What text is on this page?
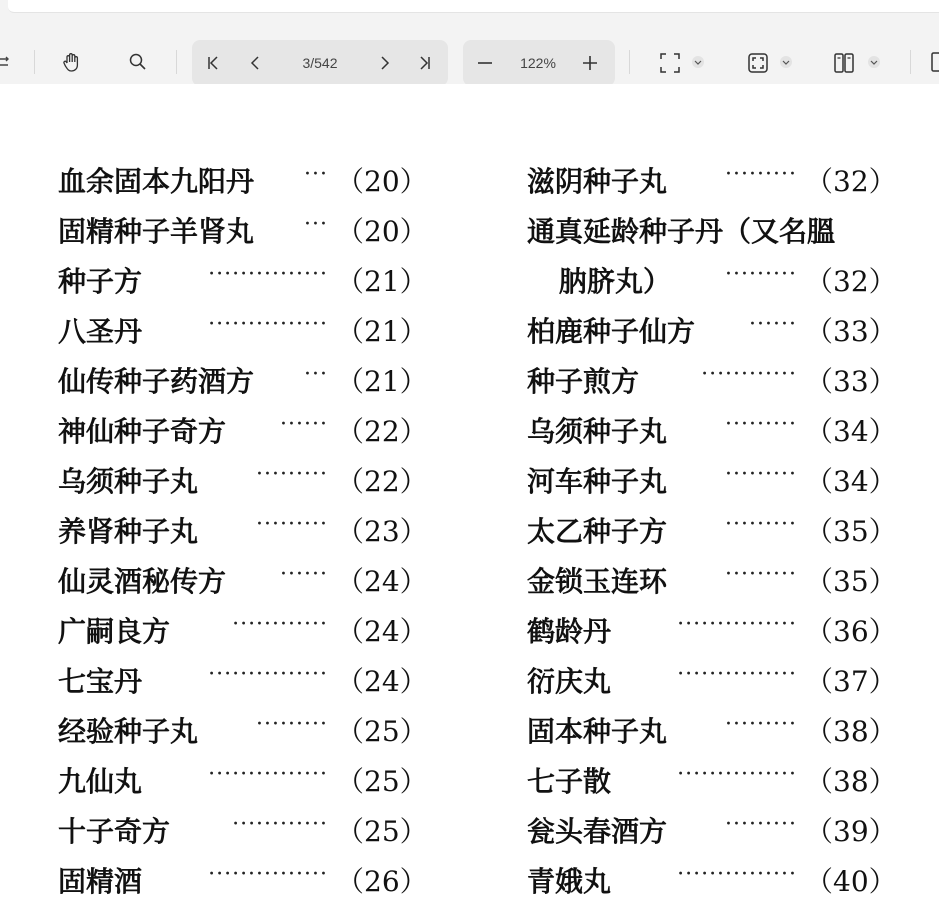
3/542	122%
血余固本九阳丹	··· （20）
固精种子羊肾丸	··· （20）
种子方	··············· （21）
八圣丹	··············· （21）
仙传种子药酒方	··· （21）
神仙种子奇方	······ （22）
乌须种子丸	········· （22）
养肾种子丸	········· （23）
仙灵酒秘传方	······ （24）
广嗣良方	············ （24）
七宝丹	··············· （24）
经验种子丸	········· （25）
九仙丸	··············· （25）
十子奇方	············ （25）
固精酒	··············· （26）
滋阴种子丸	········· （32）
通真延龄种子丹（又名膃
肭脐丸）	········· （32）
柏鹿种子仙方	······ （33）
种子煎方	············ （33）
乌须种子丸	········· （34）
河车种子丸	········· （34）
太乙种子方	········· （35）
金锁玉连环	········· （35）
鹤龄丹	··············· （36）
衍庆丸	··············· （37）
固本种子丸	········· （38）
七子散	··············· （38）
瓮头春酒方	········· （39）
青娥丸	··············· （40）
